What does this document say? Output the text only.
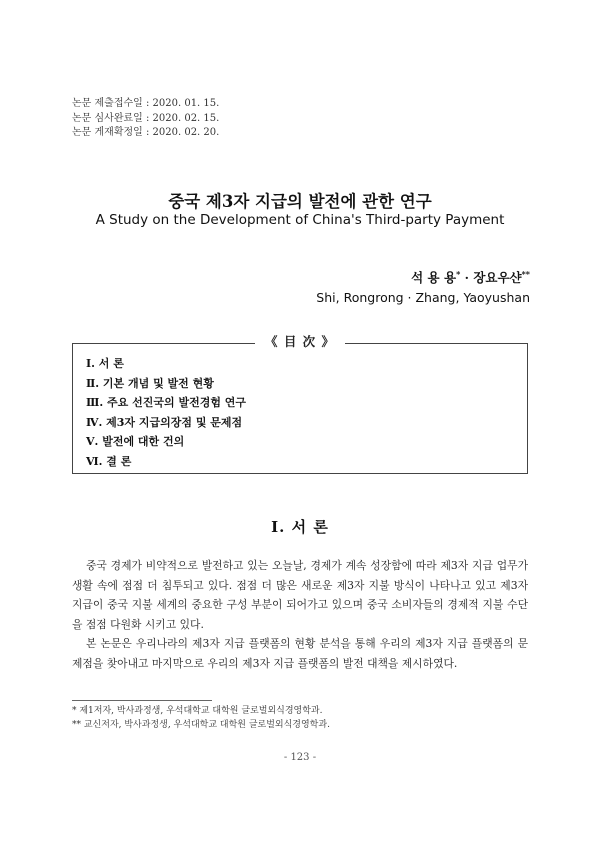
논문 제출접수일 : 2020. 01. 15.
논문 심사완료일 : 2020. 02. 15.
논문 게재확정일 : 2020. 02. 20.
중국 제3자 지급의 발전에 관한 연구
A Study on the Development of China's Third-party Payment
석 용 용* · 장요우샨**
Shi, Rongrong · Zhang, Yaoyushan
《 目 次 》
Ⅰ. 서 론
Ⅱ. 기본 개념 및 발전 현황
Ⅲ. 주요 선진국의 발전경험 연구
Ⅳ. 제3자 지급의장점 및 문제점
Ⅴ. 발전에 대한 건의
Ⅵ. 결 론
Ⅰ. 서 론
중국 경제가 비약적으로 발전하고 있는 오늘날, 경제가 계속 성장함에 따라 제3자 지급 업무가 생활 속에 점점 더 침투되고 있다. 점점 더 많은 새로운 제3자 지불 방식이 나타나고 있고 제3자 지급이 중국 지불 세계의 중요한 구성 부분이 되어가고 있으며 중국 소비자들의 경제적 지불 수단을 점점 다원화 시키고 있다.
본 논문은 우리나라의 제3자 지급 플랫폼의 현황 분석을 통해 우리의 제3자 지급 플랫폼의 문제점을 찾아내고 마지막으로 우리의 제3자 지급 플랫폼의 발전 대책을 제시하였다.
* 제1저자, 박사과정생, 우석대학교 대학원 글로벌외식경영학과.
** 교신저자, 박사과정생, 우석대학교 대학원 글로벌외식경영학과.
- 123 -
